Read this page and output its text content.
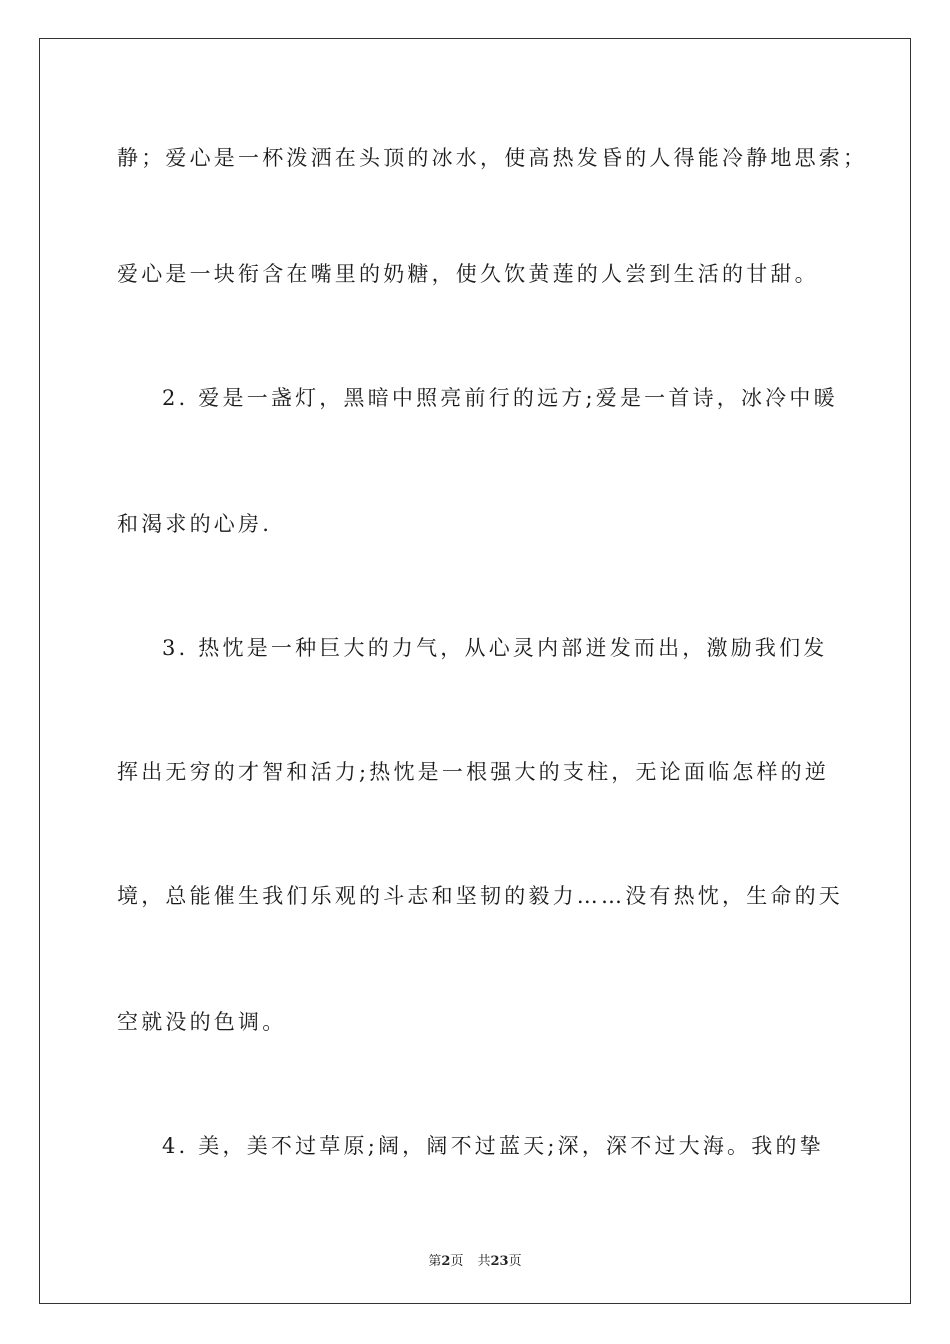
静；爱心是一杯泼洒在头顶的冰水，使高热发昏的人得能冷静地思索；
爱心是一块衔含在嘴里的奶糖，使久饮黄莲的人尝到生活的甘甜。
2. 爱是一盏灯，黑暗中照亮前行的远方;爱是一首诗，冰冷中暖
和渴求的心房.
3. 热忱是一种巨大的力气，从心灵内部迸发而出，激励我们发
挥出无穷的才智和活力;热忱是一根强大的支柱，无论面临怎样的逆
境，总能催生我们乐观的斗志和坚韧的毅力……没有热忱，生命的天
空就没的色调。
4. 美，美不过草原;阔，阔不过蓝天;深，深不过大海。我的挚
第2页 共23页
